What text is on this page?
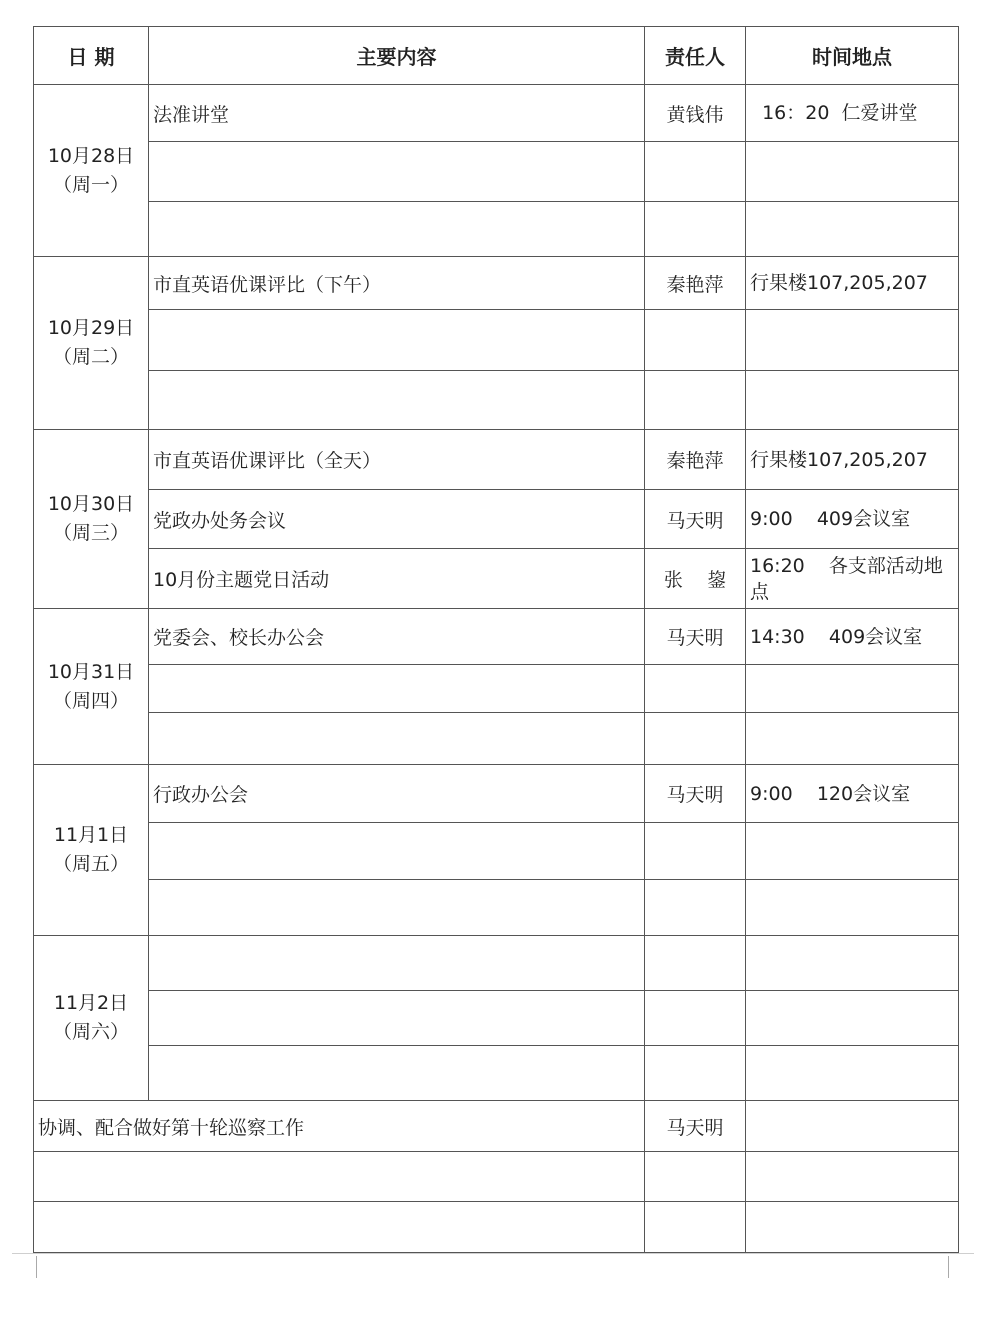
日 期	主要内容	责任人	时间地点

10月28日
（周一）	法准讲堂	黄钱伟	16：20  仁爱讲堂

10月29日
（周二）	市直英语优课评比（下午）	秦艳萍	行果楼107,205,207

10月30日
（周三）	市直英语优课评比（全天）	秦艳萍	行果楼107,205,207
	党政办处务会议	马天明	9:00    409会议室
	10月份主题党日活动	张    鋆	16:20    各支部活动地点

10月31日
（周四）	党委会、校长办公会	马天明	14:30    409会议室

11月1日
（周五）	行政办公会	马天明	9:00    120会议室

11月2日
（周六）			

协调、配合做好第十轮巡察工作		马天明	
